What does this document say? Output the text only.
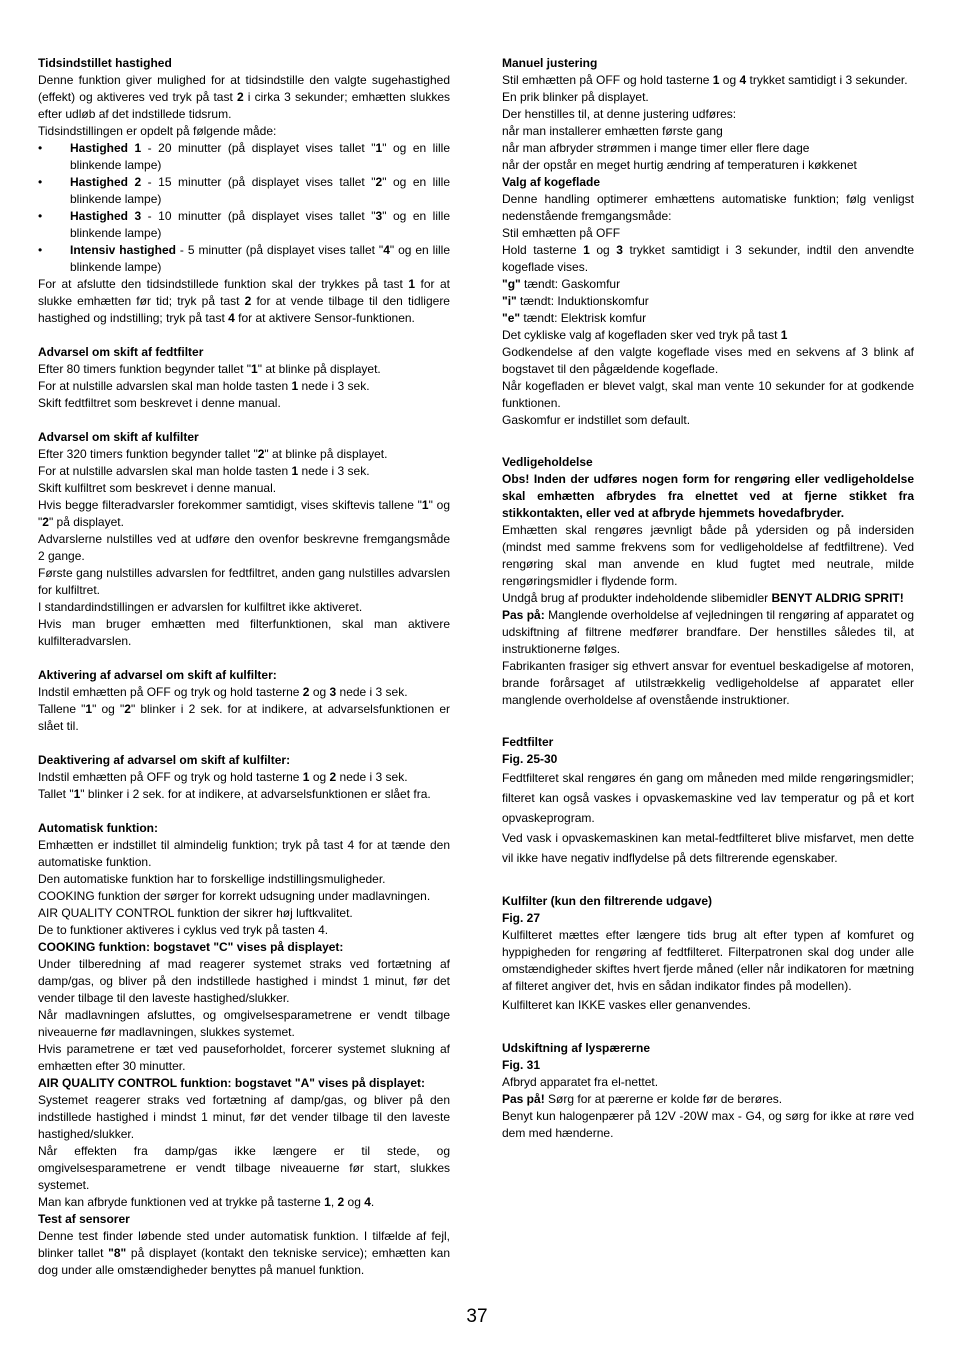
Tidsindstillet hastighed

Denne funktion giver mulighed for at tidsindstille den valgte sugehastighed (effekt) og aktiveres ved tryk på tast 2 i cirka 3 sekunder; emhætten slukkes efter udløb af det indstillede tidsrum.

Tidsindstillingen er opdelt på følgende måde:

• Hastighed 1 - 20 minutter (på displayet vises tallet "1" og en lille blinkende lampe)
• Hastighed 2 - 15 minutter (på displayet vises tallet "2" og en lille blinkende lampe)
• Hastighed 3 - 10 minutter (på displayet vises tallet "3" og en lille blinkende lampe)
• Intensiv hastighed - 5 minutter (på displayet vises tallet "4" og en lille blinkende lampe)

For at afslutte den tidsindstillede funktion skal der trykkes på tast 1 for at slukke emhætten før tid; tryk på tast 2 for at vende tilbage til den tidligere hastighed og indstilling; tryk på tast 4 for at aktivere Sensor-funktionen.

Advarsel om skift af fedtfilter

Efter 80 timers funktion begynder tallet "1" at blinke på displayet.

For at nulstille advarslen skal man holde tasten 1 nede i 3 sek.

Skift fedtfiltret som beskrevet i denne manual.

Advarsel om skift af kulfilter

Efter 320 timers funktion begynder tallet "2" at blinke på displayet.

For at nulstille advarslen skal man holde tasten 1 nede i 3 sek.

Skift kulfiltret som beskrevet i denne manual.

Hvis begge filteradvarsler forekommer samtidigt, vises skiftevis tallene "1" og "2" på displayet.

Advarslerne nulstilles ved at udføre den ovenfor beskrevne fremgangsmåde 2 gange.

Første gang nulstilles advarslen for fedtfiltret, anden gang nulstilles advarslen for kulfiltret.

I standardindstillingen er advarslen for kulfiltret ikke aktiveret.

Hvis man bruger emhætten med filterfunktionen, skal man aktivere kulfilteradvarslen.

Aktivering af advarsel om skift af kulfilter:

Indstil emhætten på OFF og tryk og hold tasterne 2 og 3 nede i 3 sek.

Tallene "1" og "2" blinker i 2 sek. for at indikere, at advarselsfunktionen er slået til.

Deaktivering af advarsel om skift af kulfilter:

Indstil emhætten på OFF og tryk og hold tasterne 1 og 2 nede i 3 sek.

Tallet "1" blinker i 2 sek. for at indikere, at advarselsfunktionen er slået fra.

Automatisk funktion:

Emhætten er indstillet til almindelig funktion; tryk på tast 4 for at tænde den automatiske funktion.

Den automatiske funktion har to forskellige indstillingsmuligheder.

COOKING funktion der sørger for korrekt udsugning under madlavningen.

AIR QUALITY CONTROL funktion der sikrer høj luftkvalitet.

De to funktioner aktiveres i cyklus ved tryk på tasten 4.

COOKING funktion: bogstavet "C" vises på displayet:

Under tilberedning af mad reagerer systemet straks ved fortætning af damp/gas, og bliver på den indstillede hastighed i mindst 1 minut, før det vender tilbage til den laveste hastighed/slukker.

Når madlavningen afsluttes, og omgivelsesparametrene er vendt tilbage niveauerne før madlavningen, slukkes systemet.

Hvis parametrene er tæt ved pauseforholdet, forcerer systemet slukning af emhætten efter 30 minutter.

AIR QUALITY CONTROL funktion: bogstavet "A" vises på displayet:

Systemet reagerer straks ved fortætning af damp/gas, og bliver på den indstillede hastighed i mindst 1 minut, før det vender tilbage til den laveste hastighed/slukker.

Når effekten fra damp/gas ikke længere er til stede, og omgivelsesparametrene er vendt tilbage niveauerne før start, slukkes systemet.

Man kan afbryde funktionen ved at trykke på tasterne 1, 2 og 4.

Test af sensorer

Denne test finder løbende sted under automatisk funktion. I tilfælde af fejl, blinker tallet "8" på displayet (kontakt den tekniske service); emhætten kan dog under alle omstændigheder benyttes på manuel funktion.

Manuel justering

Stil emhætten på OFF og hold tasterne 1 og 4 trykket samtidigt i 3 sekunder.

En prik blinker på displayet.

Der henstilles til, at denne justering udføres:

når man installerer emhætten første gang

når man afbryder strømmen i mange timer eller flere dage

når der opstår en meget hurtig ændring af temperaturen i køkkenet

Valg af kogeflade

Denne handling optimerer emhættens automatiske funktion; følg venligst nedenstående fremgangsmåde:

Stil emhætten på OFF

Hold tasterne 1 og 3 trykket samtidigt i 3 sekunder, indtil den anvendte kogeflade vises.

"g" tændt: Gaskomfur

"i" tændt: Induktionskomfur

"e" tændt: Elektrisk komfur

Det cykliske valg af kogefladen sker ved tryk på tast 1

Godkendelse af den valgte kogeflade vises med en sekvens af 3 blink af bogstavet til den pågældende kogeflade.

Når kogefladen er blevet valgt, skal man vente 10 sekunder for at godkende funktionen.

Gaskomfur er indstillet som default.

Vedligeholdelse

Obs! Inden der udføres nogen form for rengøring eller vedligeholdelse skal emhætten afbrydes fra elnettet ved at fjerne stikket fra stikkontakten, eller ved at afbryde hjemmets hovedafbryder.

Emhætten skal rengøres jævnligt både på ydersiden og på indersiden (mindst med samme frekvens som for vedligeholdelse af fedtfiltrene). Ved rengøring skal man anvende en klud fugtet med neutrale, milde rengøringsmidler i flydende form.

Undgå brug af produkter indeholdende slibemidler BENYT ALDRIG SPRIT!

Pas på: Manglende overholdelse af vejledningen til rengøring af apparatet og udskiftning af filtrene medfører brandfare. Der henstilles således til, at instruktionerne følges.

Fabrikanten frasiger sig ethvert ansvar for eventuel beskadigelse af motoren, brande forårsaget af utilstrækkelig vedligeholdelse af apparatet eller manglende overholdelse af ovenstående instruktioner.

Fedtfilter

Fig. 25-30

Fedtfilteret skal rengøres én gang om måneden med milde rengøringsmidler; filteret kan også vaskes i opvaskemaskine ved lav temperatur og på et kort opvaskeprogram.

Ved vask i opvaskemaskinen kan metal-fedtfilteret blive misfarvet, men dette vil ikke have negativ indflydelse på dets filtrerende egenskaber.

Kulfilter (kun den filtrerende udgave)

Fig. 27

Kulfilteret mættes efter længere tids brug alt efter typen af komfuret og hyppigheden for rengøring af fedtfilteret. Filterpatronen skal dog under alle omstændigheder skiftes hvert fjerde måned (eller når indikatoren for mætning af filteret angiver det, hvis en sådan indikator findes på modellen).

Kulfilteret kan IKKE vaskes eller genanvendes.

Udskiftning af lyspærerne

Fig. 31

Afbryd apparatet fra el-nettet.

Pas på! Sørg for at pærerne er kolde før de berøres.

Benyt kun halogenpærer på 12V -20W max - G4, og sørg for ikke at røre ved dem med hænderne.

37
